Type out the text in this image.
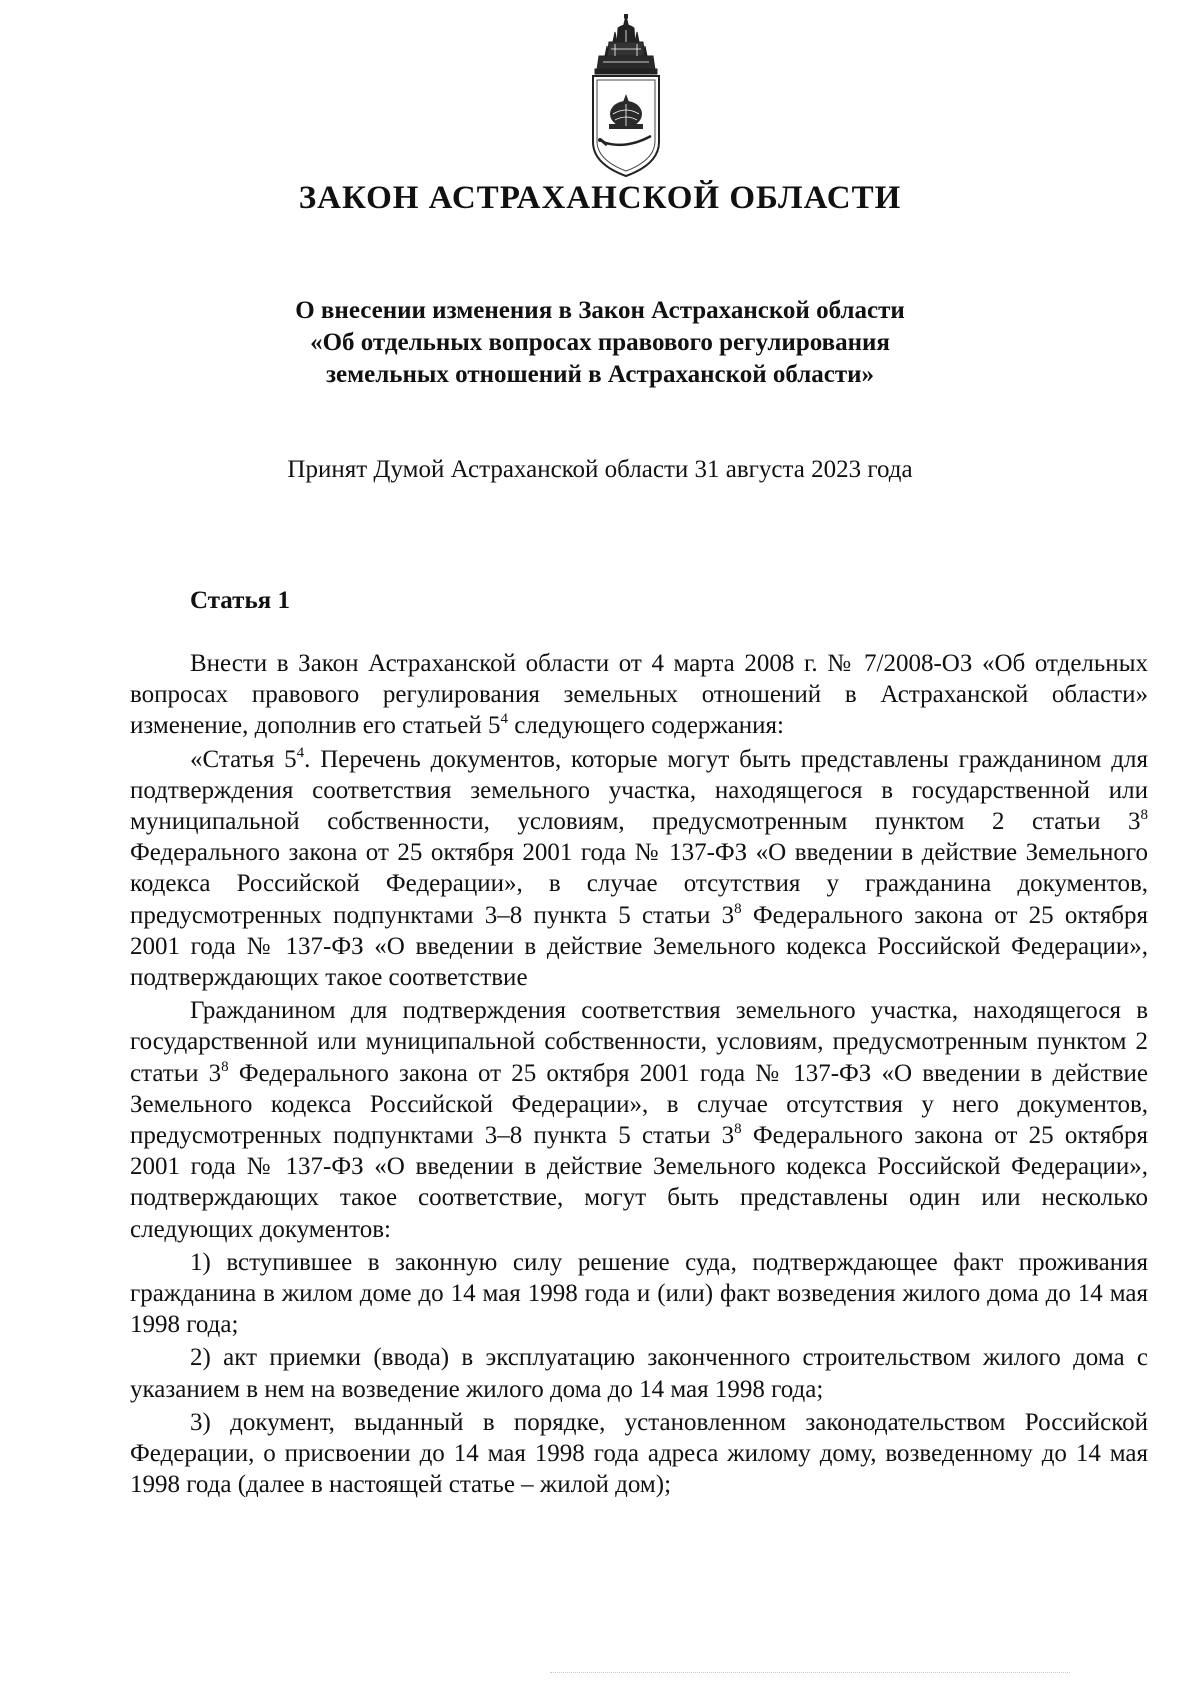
ЗАКОН АСТРАХАНСКОЙ ОБЛАСТИ
О внесении изменения в Закон Астраханской области
«Об отдельных вопросах правового регулирования
земельных отношений в Астраханской области»
Принят Думой Астраханской области 31 августа 2023 года
Статья 1

Внести в Закон Астраханской области от 4 марта 2008 г. № 7/2008-ОЗ «Об отдельных вопросах правового регулирования земельных отношений в Астраханской области» изменение, дополнив его статьей $5^4$ следующего содержания:

«Статья $5^4$. Перечень документов, которые могут быть представлены гражданином для подтверждения соответствия земельного участка, находящегося в государственной или муниципальной собственности, условиям, предусмотренным пунктом 2 статьи $3^8$ Федерального закона от 25 октября 2001 года № 137-ФЗ «О введении в действие Земельного кодекса Российской Федерации», в случае отсутствия у гражданина документов, предусмотренных подпунктами 3–8 пункта 5 статьи $3^8$ Федерального закона от 25 октября 2001 года № 137-ФЗ «О введении в действие Земельного кодекса Российской Федерации», подтверждающих такое соответствие

Гражданином для подтверждения соответствия земельного участка, находящегося в государственной или муниципальной собственности, условиям, предусмотренным пунктом 2 статьи $3^8$ Федерального закона от 25 октября 2001 года № 137-ФЗ «О введении в действие Земельного кодекса Российской Федерации», в случае отсутствия у него документов, предусмотренных подпунктами 3–8 пункта 5 статьи $3^8$ Федерального закона от 25 октября 2001 года № 137-ФЗ «О введении в действие Земельного кодекса Российской Федерации», подтверждающих такое соответствие, могут быть представлены один или несколько следующих документов:

1) вступившее в законную силу решение суда, подтверждающее факт проживания гражданина в жилом доме до 14 мая 1998 года и (или) факт возведения жилого дома до 14 мая 1998 года;

2) акт приемки (ввода) в эксплуатацию законченного строительством жилого дома с указанием в нем на возведение жилого дома до 14 мая 1998 года;

3) документ, выданный в порядке, установленном законодательством Российской Федерации, о присвоении до 14 мая 1998 года адреса жилому дому, возведенному до 14 мая 1998 года (далее в настоящей статье – жилой дом);
